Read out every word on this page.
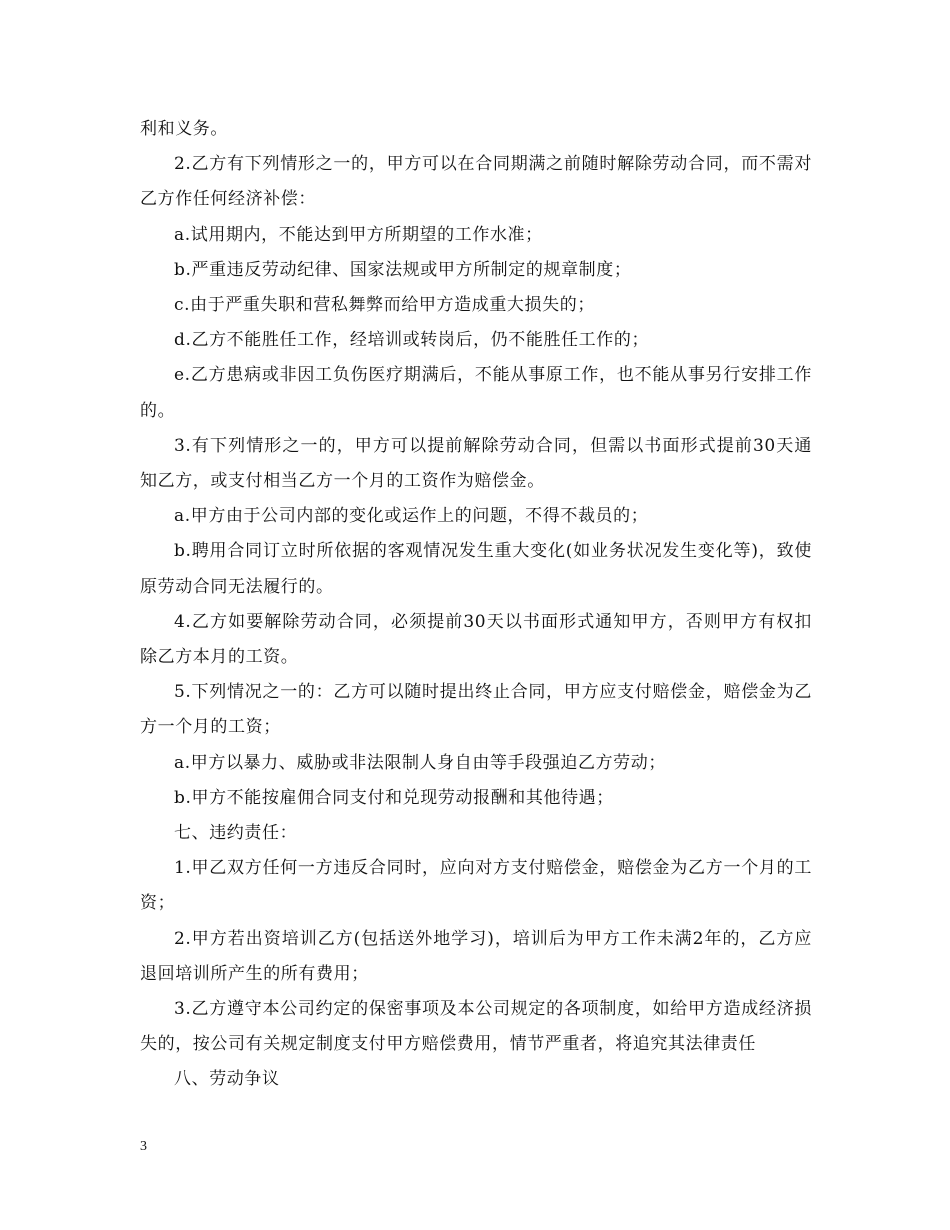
利和义务。

2.乙方有下列情形之一的，甲方可以在合同期满之前随时解除劳动合同，而不需对乙方作任何经济补偿：

a.试用期内，不能达到甲方所期望的工作水准；

b.严重违反劳动纪律、国家法规或甲方所制定的规章制度；

c.由于严重失职和营私舞弊而给甲方造成重大损失的；

d.乙方不能胜任工作，经培训或转岗后，仍不能胜任工作的；

e.乙方患病或非因工负伤医疗期满后，不能从事原工作，也不能从事另行安排工作的。

3.有下列情形之一的，甲方可以提前解除劳动合同，但需以书面形式提前30天通知乙方，或支付相当乙方一个月的工资作为赔偿金。

a.甲方由于公司内部的变化或运作上的问题，不得不裁员的；

b.聘用合同订立时所依据的客观情况发生重大变化(如业务状况发生变化等)，致使原劳动合同无法履行的。

4.乙方如要解除劳动合同，必须提前30天以书面形式通知甲方，否则甲方有权扣除乙方本月的工资。

5.下列情况之一的：乙方可以随时提出终止合同，甲方应支付赔偿金，赔偿金为乙方一个月的工资；

a.甲方以暴力、威胁或非法限制人身自由等手段强迫乙方劳动；

b.甲方不能按雇佣合同支付和兑现劳动报酬和其他待遇；

七、违约责任：

1.甲乙双方任何一方违反合同时，应向对方支付赔偿金，赔偿金为乙方一个月的工资；

2.甲方若出资培训乙方(包括送外地学习)，培训后为甲方工作未满2年的，乙方应退回培训所产生的所有费用；

3.乙方遵守本公司约定的保密事项及本公司规定的各项制度，如给甲方造成经济损失的，按公司有关规定制度支付甲方赔偿费用，情节严重者，将追究其法律责任

八、劳动争议

3
